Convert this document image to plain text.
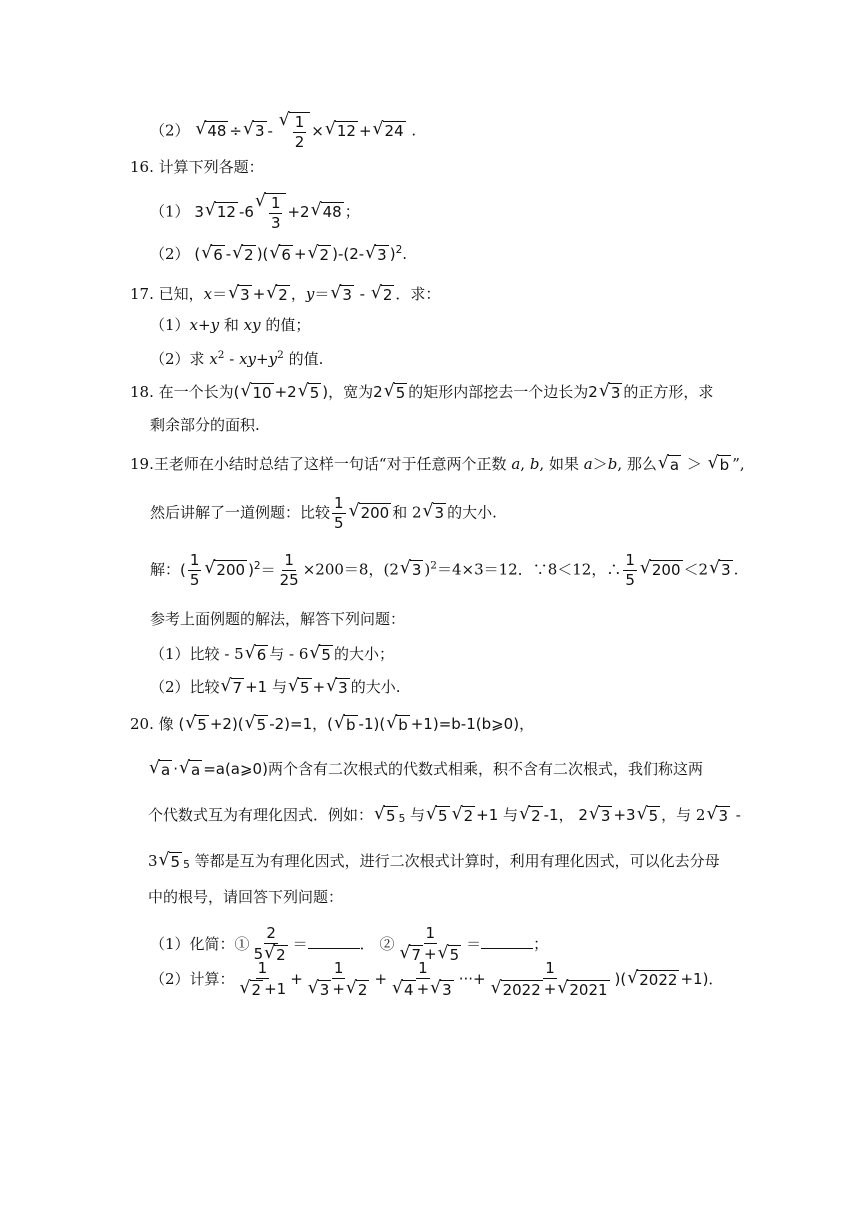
（2） √ 48 ÷ √ 3 -
√ $\frac{1}{2}$ × √ 12 + √ 24 .
16. 计算下列各题：
（1） 3 √ 12 -6
√ $\frac{1}{3} +2$ √ 48 ；
（2） ( √ 6 - √ 2 )( √ 6 + √ 2 )-(2- √ 3 )$^2$.
17. 已知，x＝ √ 3 + √ 2 ，y＝ √ 3 - √ 2 ．求：
（1）x+y 和 xy 的值；
（2）求 $x^2 - xy+y^2$ 的值.
18. 在一个长为( √ 10 +2 √ 5 )，宽为2 √ 5 的矩形内部挖去一个边长为2 √ 3 的正方形，求
剩余部分的面积.
19.王老师在小结时总结了这样一句话“对于任意两个正数 a, b, 如果 a＞b, 那么 √ a ＞ √ b ”,
然后讲解了一道例题：比较 $\frac{1}{5}$ √ 200 和 2 √ 3 的大小.
解：( $\frac{1}{5}$ √ 200 )$^2= \frac{1}{25} \times 200=8$，(2 √ 3 )$^2$＝4×3＝12．∵8＜12，∴ $\frac{1}{5}$ √ 200 ＜2 √ 3 .
参考上面例题的解法，解答下列问题：
（1）比较 - 5 √ 6 与 - 6 √ 5 的大小；
（2）比较 √ 7 +1 与 √ 5 + √ 3 的大小.
20. 像 ( √ 5 +2)( √ 5 -2)=1，( √ b -1)( √ b +1)=b-1(b⩾0)，
√ a · √ a =a(a⩾0)两个含有二次根式的代数式相乘，积不含有二次根式，我们称这两
个代数式互为有理化因式．例如： √ 5 5 与 √ 5 √ 2 +1 与 √ 2 -1， 2 √ 3 +3 √ 5 ，与 2 √ 3 -
3 √ 5 5 等都是互为有理化因式，进行二次根式计算时，利用有理化因式，可以化去分母
中的根号，请回答下列问题：
（1）化简：① $\frac{2}{5 √ 2}$ ＝	． ② $\frac{1}{√ 7 + √ 5}$ ＝	；
（2）计算： $\frac{1}{√ 2 +1} + \frac{1}{√ 3 + √ 2} + \frac{1}{√ 4 + √ 3}$ ···+ $\frac{1}{√ 2022 + √ 2021}$ )( √ 2022 +1)．
